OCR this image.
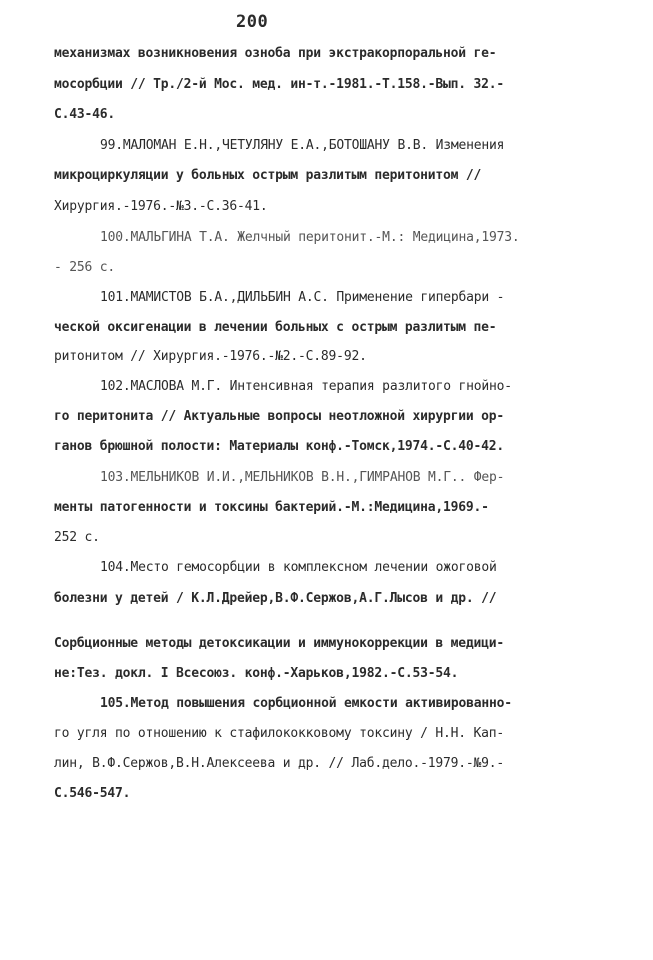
200
механизмах возникновения ознобa при экстракорпоральной ге-
мосорбции // Тр./2-й Мос. мед. ин-т.-1981.-Т.158.-Вып. 32.-
С.43-46.
99.МАЛОМАН Е.Н.,ЧЕТУЛЯНУ Е.А.,БОТОШАНУ В.В. Изменения
микроциркуляции у больных острым разлитым перитонитом //
Хирургия.-1976.-№3.-С.36-41.
100.МАЛЬГИНА Т.А. Желчный перитонит.-М.: Медицина,1973.
- 256 с.
101.МАМИСТОВ Б.А.,ДИЛЬБИН А.С. Применение гипербари -
ческой оксигенации в лечении больных с острым разлитым пе-
ритонитом // Хирургия.-1976.-№2.-С.89-92.
102.МАСЛОВА М.Г. Интенсивная терапия разлитого гнойно-
го перитонита // Актуальные вопросы неотложной хирургии ор-
ганов брюшной полости: Материалы конф.-Томск,1974.-С.40-42.
103.МЕЛЬНИКОВ И.И.,МЕЛЬНИКОВ В.Н.,ГИМРАНОВ М.Г.. Фер-
менты патогенности и токсины бактерий.-М.:Медицина,1969.-
252 с.
104.Место гемосорбции в комплексном лечении ожоговой
болезни у детей / К.Л.Дрейер,В.Ф.Сержов,А.Г.Лысов и др. //
Сорбционные методы детоксикации и иммунокоррекции в медици-
не:Тез. докл. I Всесоюз. конф.-Харьков,1982.-С.53-54.
105.Метод повышения сорбционной емкости активированно-
го угля по отношению к стафилококковому токсину / Н.Н. Кап-
лин, В.Ф.Сержов,В.Н.Алексеева и др. // Лаб.дело.-1979.-№9.-
С.546-547.
